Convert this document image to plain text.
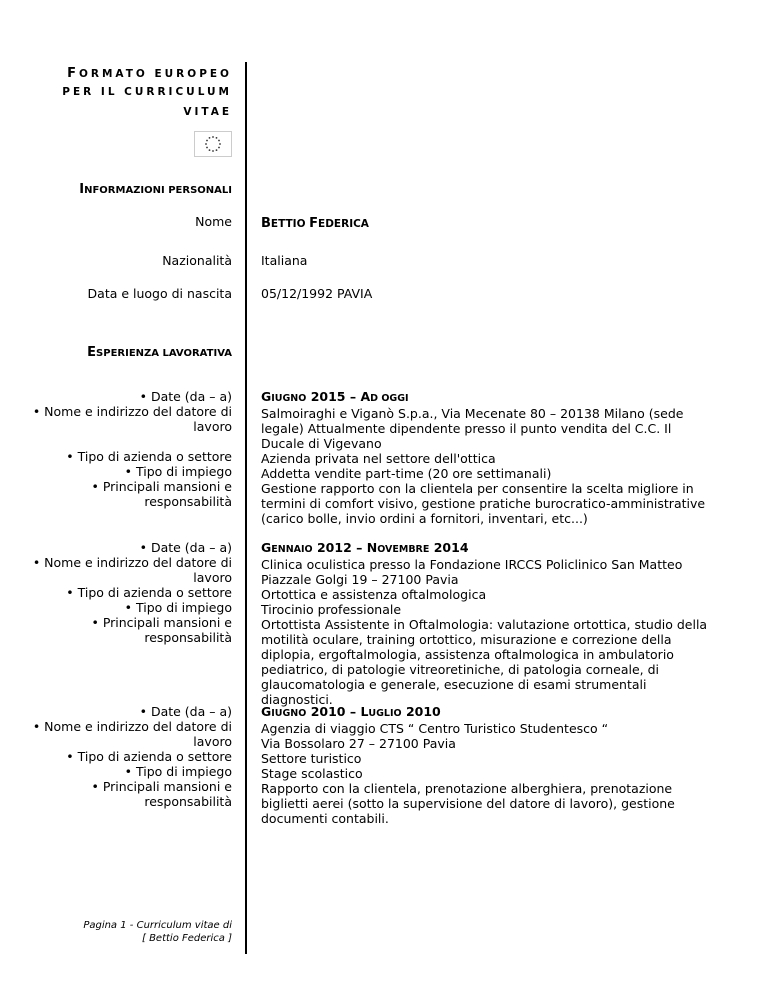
FORMATO EUROPEO
PER IL CURRICULUM
VITAE
INFORMAZIONI PERSONALI
Nome BETTIO FEDERICA
Nazionalità Italiana
Data e luogo di nascita 05/12/1992 PAVIA
ESPERIENZA LAVORATIVA
• Date (da – a)
• Nome e indirizzo del datore di lavoro
• Tipo di azienda o settore
• Tipo di impiego
• Principali mansioni e responsabilità
GIUGNO 2015 – AD OGGI
Salmoiraghi e Viganò S.p.a., Via Mecenate 80 – 20138 Milano (sede legale) Attualmente dipendente presso il punto vendita del C.C. Il Ducale di Vigevano
Azienda privata nel settore dell'ottica
Addetta vendite part-time (20 ore settimanali)
Gestione rapporto con la clientela per consentire la scelta migliore in termini di comfort visivo, gestione pratiche burocratico-amministrative (carico bolle, invio ordini a fornitori, inventari, etc...)
• Date (da – a)
• Nome e indirizzo del datore di lavoro
• Tipo di azienda o settore
• Tipo di impiego
• Principali mansioni e responsabilità
GENNAIO 2012 – NOVEMBRE 2014
Clinica oculistica presso la Fondazione IRCCS Policlinico San Matteo
Piazzale Golgi 19 – 27100 Pavia
Ortottica e assistenza oftalmologica
Tirocinio professionale
Ortottista Assistente in Oftalmologia: valutazione ortottica, studio della motilità oculare, training ortottico, misurazione e correzione della diplopia, ergoftalmologia, assistenza oftalmologica in ambulatorio pediatrico, di patologie vitreoretiniche, di patologia corneale, di glaucomatologia e generale, esecuzione di esami strumentali diagnostici.
• Date (da – a)
• Nome e indirizzo del datore di lavoro
• Tipo di azienda o settore
• Tipo di impiego
• Principali mansioni e responsabilità
GIUGNO 2010 – LUGLIO 2010
Agenzia di viaggio CTS “ Centro Turistico Studentesco “
Via Bossolaro 27 – 27100 Pavia
Settore turistico
Stage scolastico
Rapporto con la clientela, prenotazione alberghiera, prenotazione biglietti aerei (sotto la supervisione del datore di lavoro), gestione documenti contabili.
Pagina 1 - Curriculum vitae di
[ Bettio Federica ]
